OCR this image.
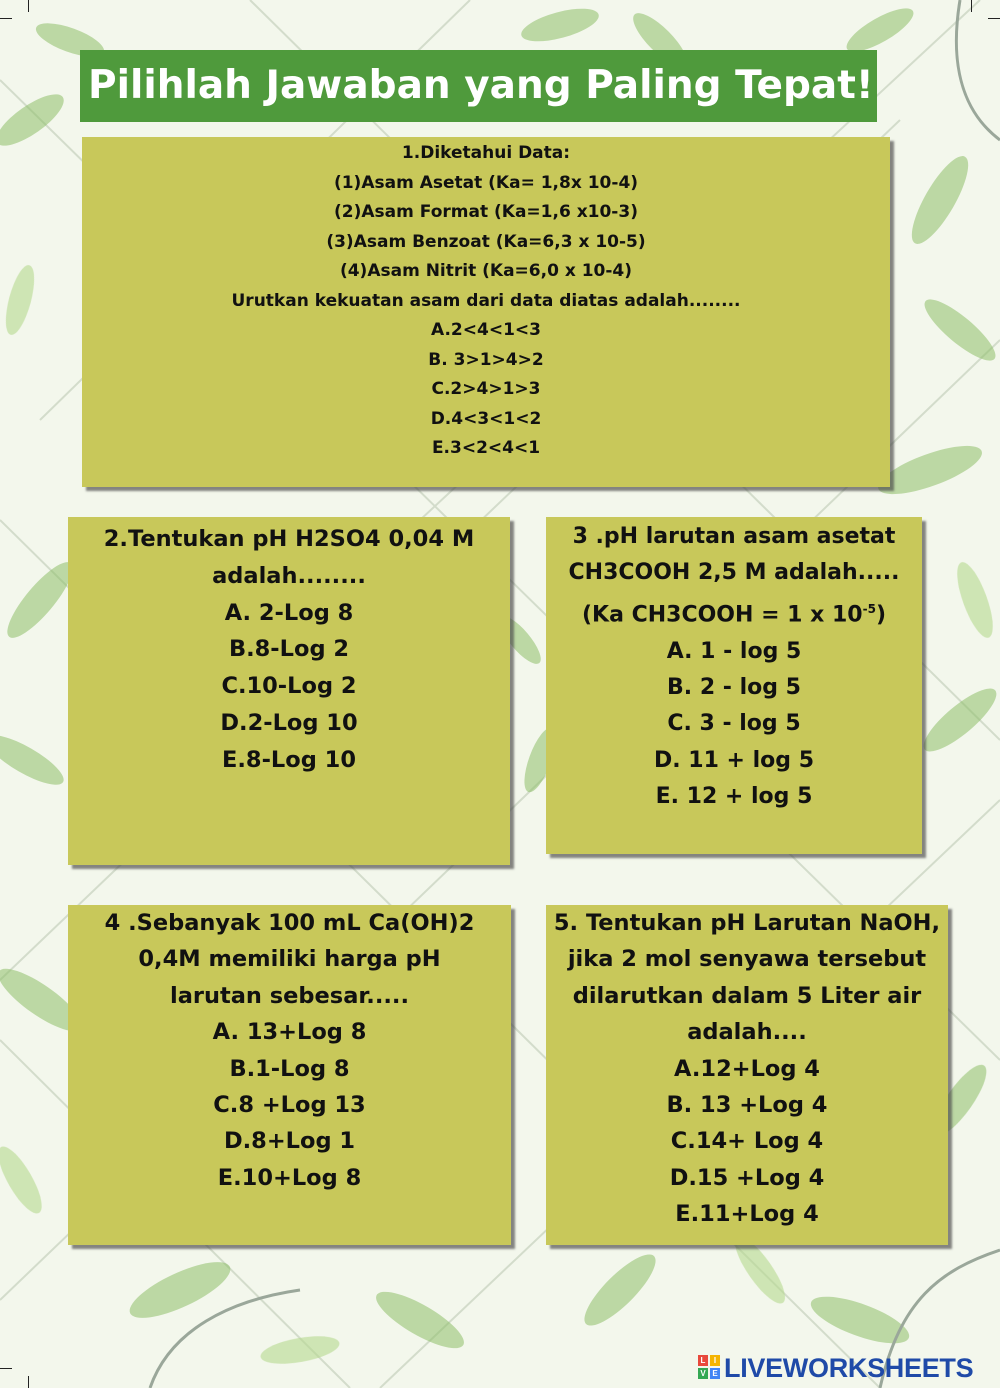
Pilihlah Jawaban yang Paling Tepat!
1.Diketahui Data:
(1)Asam Asetat (Ka= 1,8x 10-4)
(2)Asam Format (Ka=1,6 x10-3)
(3)Asam Benzoat (Ka=6,3 x 10-5)
(4)Asam Nitrit (Ka=6,0 x 10-4)
Urutkan kekuatan asam dari data diatas adalah........
A.2<4<1<3
B. 3>1>4>2
C.2>4>1>3
D.4<3<1<2
E.3<2<4<1
2.Tentukan pH H2SO4 0,04 M
adalah........
A. 2-Log 8
B.8-Log 2
C.10-Log 2
D.2-Log 10
E.8-Log 10
3 .pH larutan asam asetat
CH3COOH 2,5 M adalah.....
(Ka CH3COOH = 1 x $10^{-5}$)
A. 1 - log 5
B. 2 - log 5
C. 3 - log 5
D. 11 + log 5
E. 12 + log 5
4 .Sebanyak 100 mL Ca(OH)2
0,4M memiliki harga pH
larutan sebesar.....
A. 13+Log 8
B.1-Log 8
C.8 +Log 13
D.8+Log 1
E.10+Log 8
5. Tentukan pH Larutan NaOH,
jika 2 mol senyawa tersebut
dilarutkan dalam 5 Liter air
adalah....
A.12+Log 4
B. 13 +Log 4
C.14+ Log 4
D.15 +Log 4
E.11+Log 4
L	I
V E LIVEWORKSHEETS
